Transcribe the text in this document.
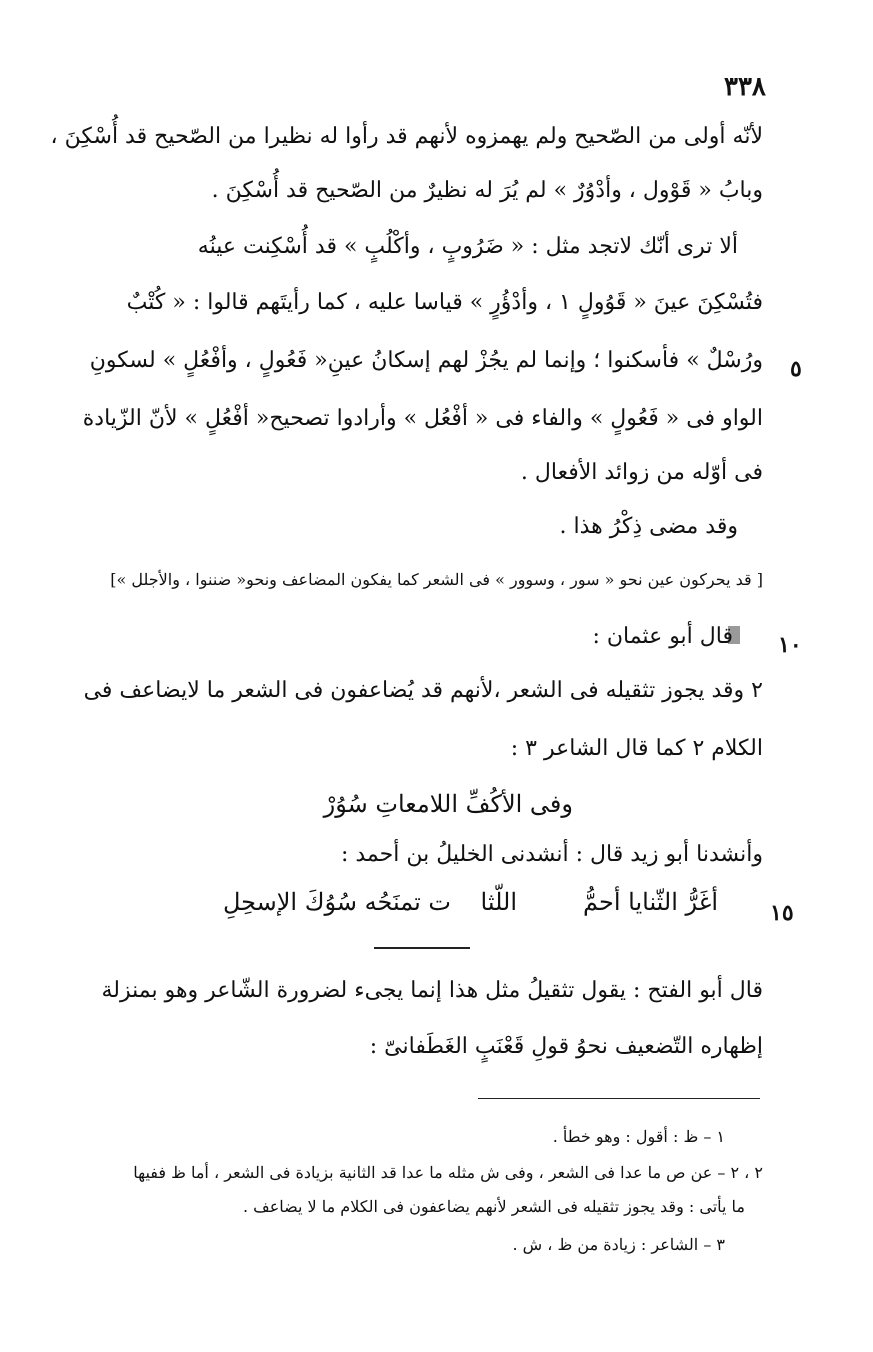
٣٣٨
لأنّه أولى من الصّحيح ولم يهمزوه لأنهم قد رأوا له نظيرا من الصّحيح قد أُسْكِنَ ،
وبابُ « قَوْول ، وأدْوُرٌ » لم يُرَ له نظيرٌ من الصّحيح قد أُسْكِنَ .
ألا ترى أنّك لاتجد مثل : « ضَرُوبٍ ، وأكْلُبٍ » قد أُسْكِنت عينُه
فتُسْكِنَ عينَ « قَوُولٍ ١ ، وأدْؤُرٍ » قياسا عليه ، كما رأيتَهم قالوا : « كُتْبٌ
ورُسْلٌ » فأسكنوا ؛ وإنما لم يجُزْ لهم إسكانُ عينِ« فَعُولٍ ، وأفْعُلٍ » لسكونِ ٥
الواو فى « فَعُولٍ » والفاء فى « أفْعُل » وأرادوا تصحيح« أفْعُلٍ » لأنّ الزّيادة
فى أوّله من زوائد الأفعال .
وقد مضى ذِكْرُ هذا .
[ قد يحركون عين نحو « سور ، وسوور » فى الشعر كما يفكون المضاعف ونحو« ضننوا ، والأجلل »]
قال أبو عثمان : ١٠
٢ وقد يجوز تثقيله فى الشعر ،لأنهم قد يُضاعفون فى الشعر ما لايضاعف فى
الكلام ٢ كما قال الشاعر ٣ :
وفى الأكُفِّ اللامعاتِ سُوُرْ
وأنشدنا أبو زيد قال : أنشدنى الخليلُ بن أحمد :
أغَرُّ الثّنايا أحمُّ
اللّثا
ت تمنَحُه سُوُكَ الإسحِلِ	١٥
قال أبو الفتح : يقول تثقيلُ مثل هذا إنما يجىء لضرورة الشّاعر وهو بمنزلة
إظهاره التّضعيف نحوُ قولِ قَعْنَبٍ الغَطَفانىّ :
١ – ظ : أقول : وهو خطأ .
٢ ، ٢ – عن ص ما عدا فى الشعر ، وفى ش مثله ما عدا قد الثانية بزيادة فى الشعر ، أما ظ ففيها
ما يأتى : وقد يجوز تثقيله فى الشعر لأنهم يضاعفون فى الكلام ما لا يضاعف .
٣ – الشاعر : زيادة من ظ ، ش .
